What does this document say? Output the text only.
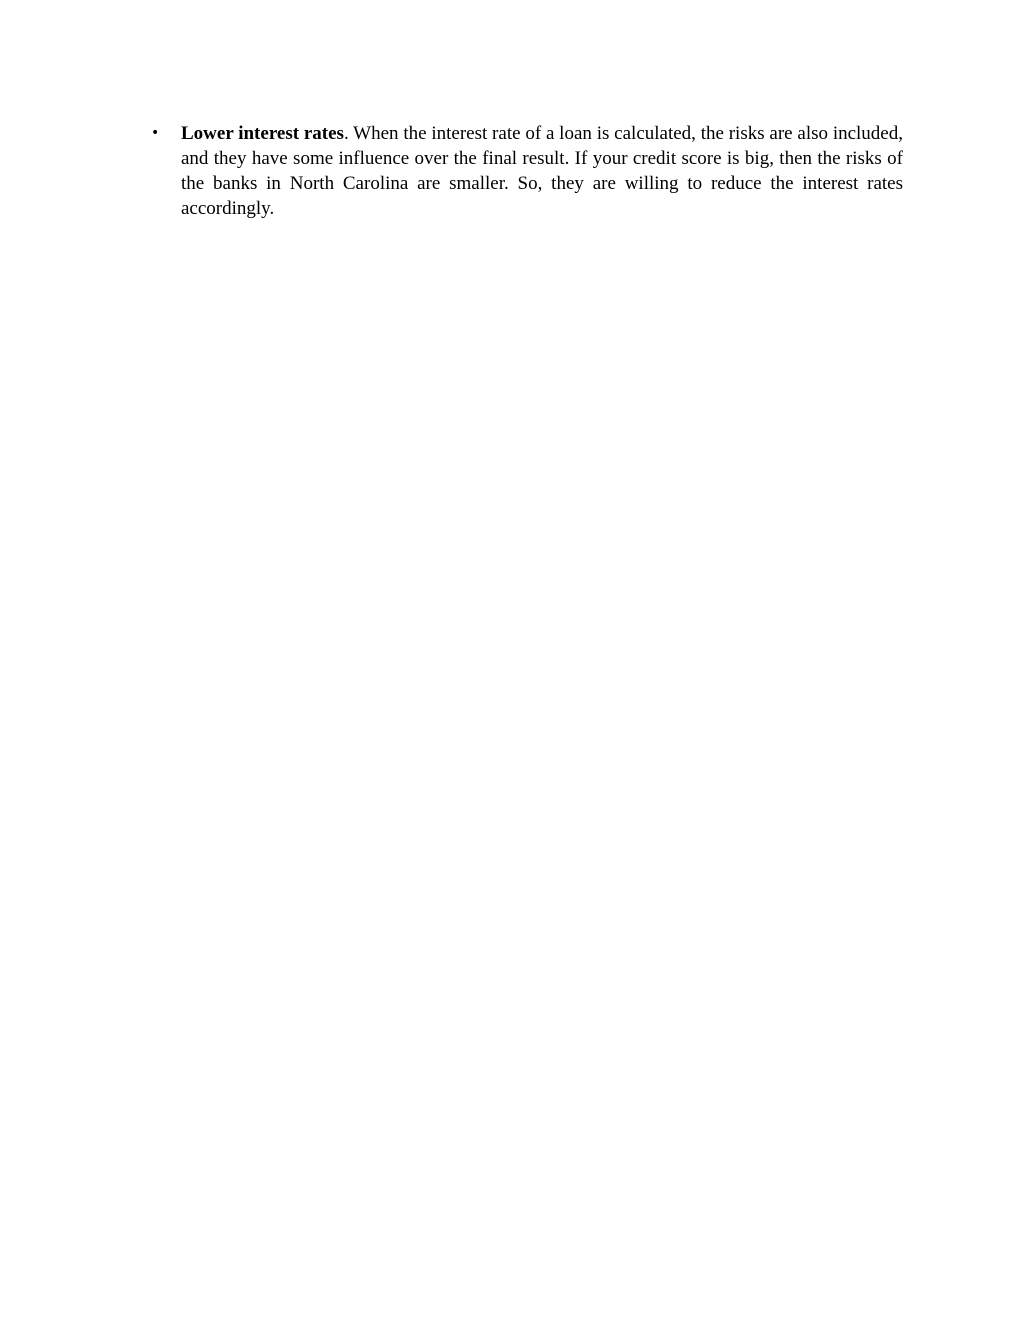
• Lower interest rates. When the interest rate of a loan is calculated, the risks are also included, and they have some influence over the final result. If your credit score is big, then the risks of the banks in North Carolina are smaller. So, they are willing to reduce the interest rates accordingly.
